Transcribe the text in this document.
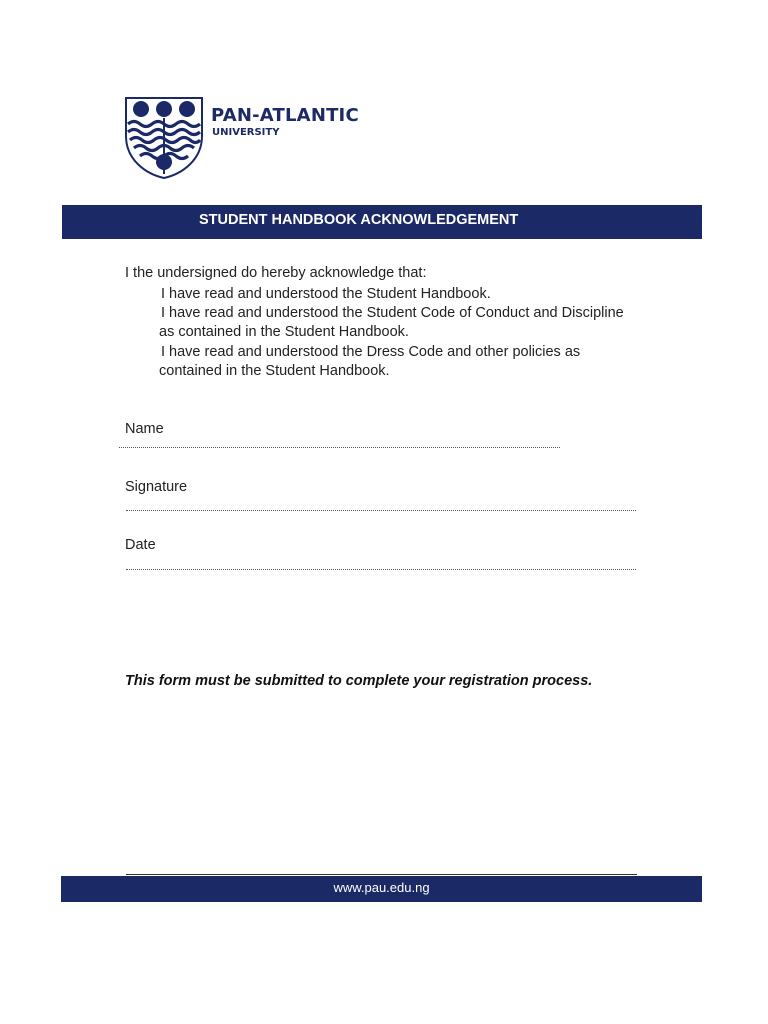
PAN-ATLANTIC
UNIVERSITY
STUDENT HANDBOOK ACKNOWLEDGEMENT
I the undersigned do hereby acknowledge that:
I have read and understood the Student Handbook.
I have read and understood the Student Code of Conduct and Discipline
as contained in the Student Handbook.
I have read and understood the Dress Code and other policies as
contained in the Student Handbook.
Name
Signature
Date
This form must be submitted to complete your registration process.
www.pau.edu.ng
